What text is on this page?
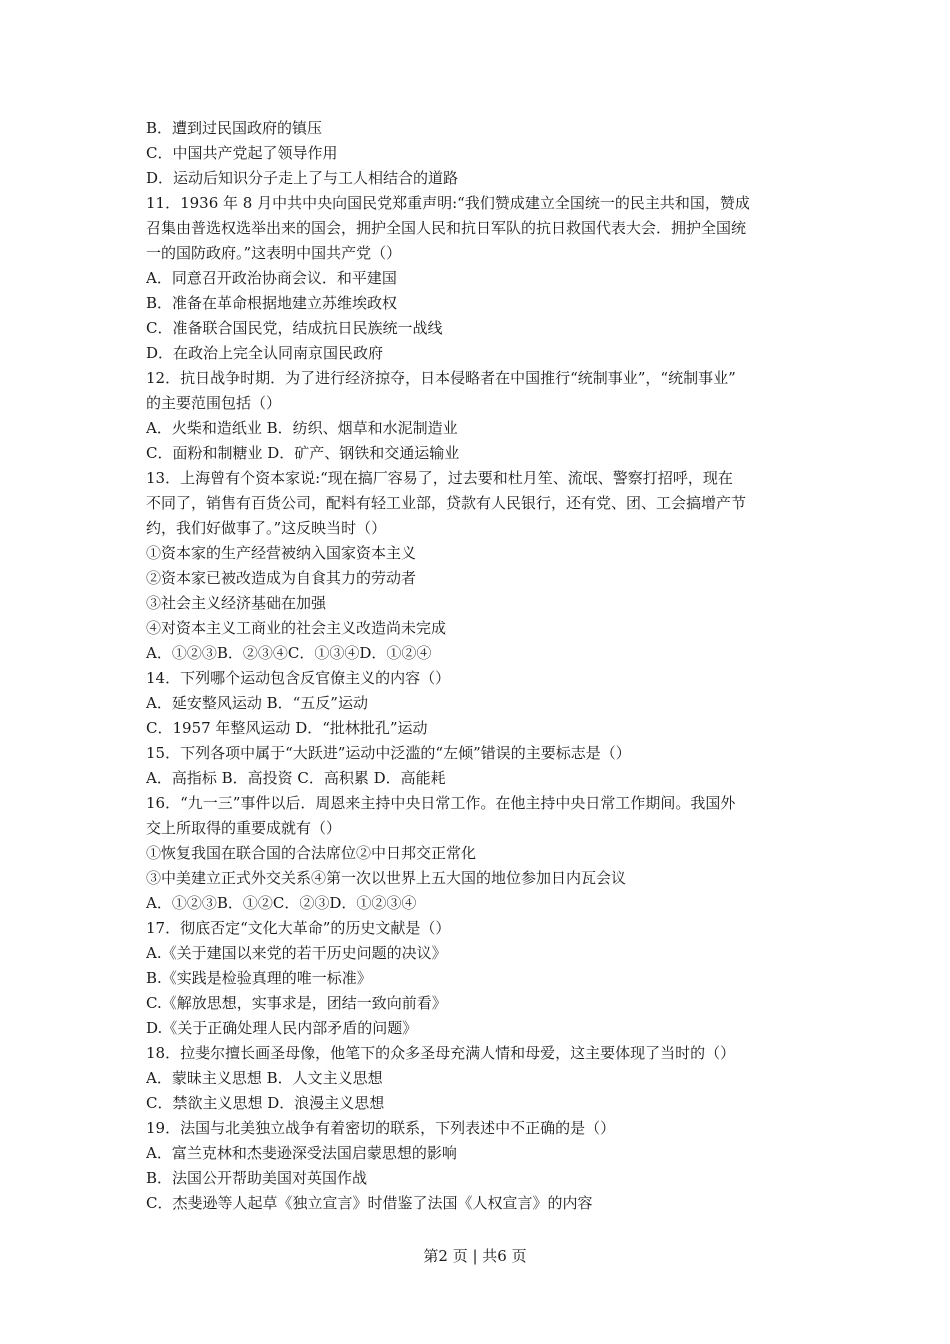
B．遭到过民国政府的镇压
C．中国共产党起了领导作用
D．运动后知识分子走上了与工人相结合的道路
11．1936 年 8 月中共中央向国民党郑重声明:“我们赞成建立全国统一的民主共和国，赞成
召集由普选权选举出来的国会，拥护全国人民和抗日军队的抗日救国代表大会．拥护全国统
一的国防政府。”这表明中国共产党（）
A．同意召开政治协商会议．和平建国
B．准备在革命根据地建立苏维埃政权
C．准备联合国民党，结成抗日民族统一战线
D．在政治上完全认同南京国民政府
12．抗日战争时期．为了进行经济掠夺，日本侵略者在中国推行“统制事业”，“统制事业”
的主要范围包括（）
A．火柴和造纸业 B．纺织、烟草和水泥制造业
C．面粉和制糖业 D．矿产、钢铁和交通运输业
13．上海曾有个资本家说:“现在搞厂容易了，过去要和杜月笙、流氓、警察打招呼，现在
不同了，销售有百货公司，配料有轻工业部，贷款有人民银行，还有党、团、工会搞增产节
约，我们好做事了。”这反映当时（）
①资本家的生产经营被纳入国家资本主义
②资本家已被改造成为自食其力的劳动者
③社会主义经济基础在加强
④对资本主义工商业的社会主义改造尚未完成
A．①②③B．②③④C．①③④D．①②④
14．下列哪个运动包含反官僚主义的内容（）
A．延安整风运动 B．“五反”运动
C．1957 年整风运动 D．“批林批孔”运动
15．下列各项中属于“大跃进”运动中泛滥的“左倾”错误的主要标志是（）
A．高指标 B．高投资 C．高积累 D．高能耗
16．“九一三”事件以后．周恩来主持中央日常工作。在他主持中央日常工作期间。我国外
交上所取得的重要成就有（）
①恢复我国在联合国的合法席位②中日邦交正常化
③中美建立正式外交关系④第一次以世界上五大国的地位参加日内瓦会议
A．①②③B．①②C．②③D．①②③④
17．彻底否定“文化大革命”的历史文献是（）
A.《关于建国以来党的若干历史问题的决议》
B.《实践是检验真理的唯一标准》
C.《解放思想，实事求是，团结一致向前看》
D.《关于正确处理人民内部矛盾的问题》
18．拉斐尔擅长画圣母像，他笔下的众多圣母充满人情和母爱，这主要体现了当时的（）
A．蒙昧主义思想 B．人文主义思想
C．禁欲主义思想 D．浪漫主义思想
19．法国与北美独立战争有着密切的联系，下列表述中不正确的是（）
A．富兰克林和杰斐逊深受法国启蒙思想的影响
B．法国公开帮助美国对英国作战
C．杰斐逊等人起草《独立宣言》时借鉴了法国《人权宣言》的内容
第2 页 | 共6 页
